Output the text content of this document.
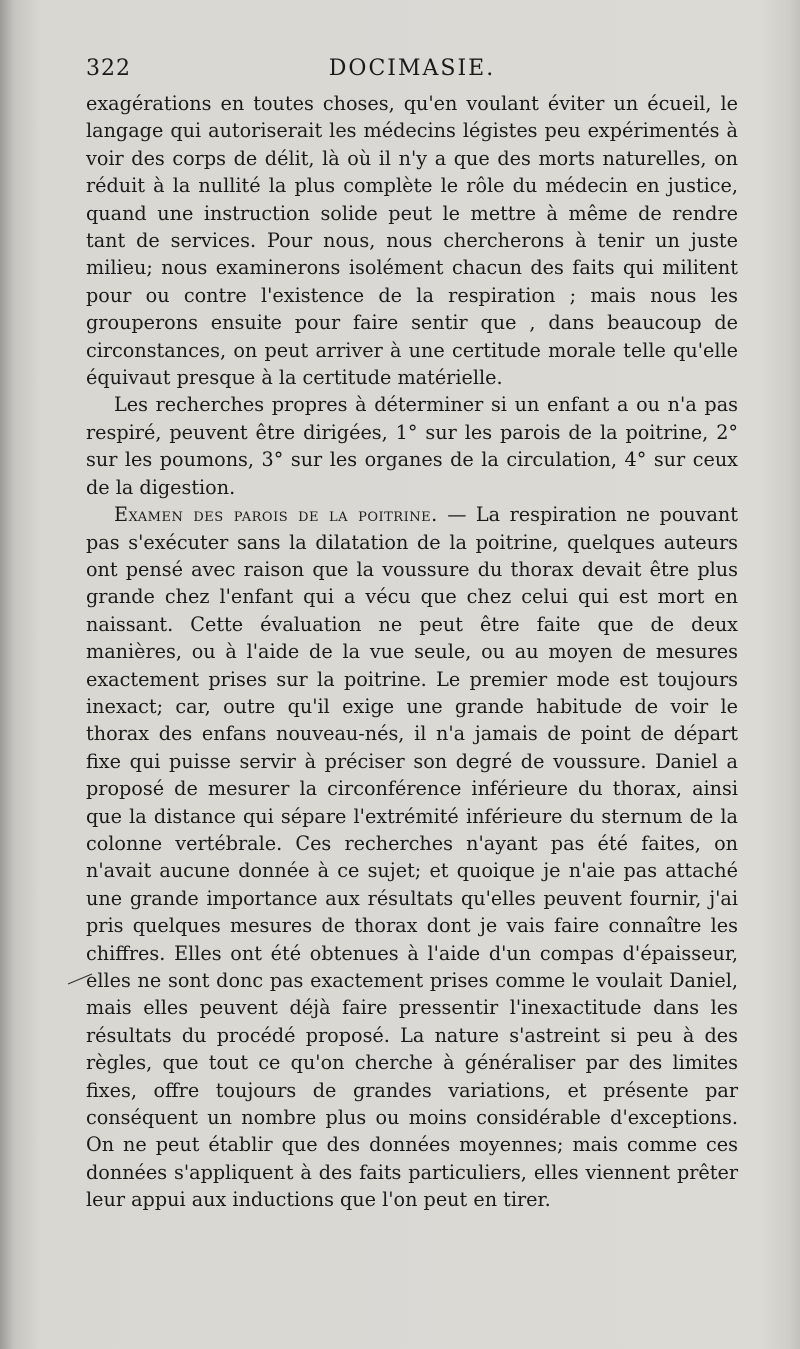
322	DOCIMASIE.

exagérations en toutes choses, qu'en voulant éviter un écueil, le langage qui autoriserait les médecins légistes peu expérimentés à voir des corps de délit, là où il n'y a que des morts naturelles, on réduit à la nullité la plus complète le rôle du médecin en justice, quand une instruction solide peut le mettre à même de rendre tant de services. Pour nous, nous chercherons à tenir un juste milieu; nous examinerons isolément chacun des faits qui militent pour ou contre l'existence de la respiration ; mais nous les grouperons ensuite pour faire sentir que , dans beaucoup de circonstances, on peut arriver à une certitude morale telle qu'elle équivaut presque à la certitude matérielle.

Les recherches propres à déterminer si un enfant a ou n'a pas respiré, peuvent être dirigées, 1° sur les parois de la poitrine, 2° sur les poumons, 3° sur les organes de la circulation, 4° sur ceux de la digestion.

Examen des parois de la poitrine. — La respiration ne pouvant pas s'exécuter sans la dilatation de la poitrine, quelques auteurs ont pensé avec raison que la voussure du thorax devait être plus grande chez l'enfant qui a vécu que chez celui qui est mort en naissant. Cette évaluation ne peut être faite que de deux manières, ou à l'aide de la vue seule, ou au moyen de mesures exactement prises sur la poitrine. Le premier mode est toujours inexact; car, outre qu'il exige une grande habitude de voir le thorax des enfans nouveau-nés, il n'a jamais de point de départ fixe qui puisse servir à préciser son degré de voussure. Daniel a proposé de mesurer la circonférence inférieure du thorax, ainsi que la distance qui sépare l'extrémité inférieure du sternum de la colonne vertébrale. Ces recherches n'ayant pas été faites, on n'avait aucune donnée à ce sujet; et quoique je n'aie pas attaché une grande importance aux résultats qu'elles peuvent fournir, j'ai pris quelques mesures de thorax dont je vais faire connaître les chiffres. Elles ont été obtenues à l'aide d'un compas d'épaisseur, elles ne sont donc pas exactement prises comme le voulait Daniel, mais elles peuvent déjà faire pressentir l'inexactitude dans les résultats du procédé proposé. La nature s'astreint si peu à des règles, que tout ce qu'on cherche à généraliser par des limites fixes, offre toujours de grandes variations, et présente par conséquent un nombre plus ou moins considérable d'exceptions. On ne peut établir que des données moyennes; mais comme ces données s'appliquent à des faits particuliers, elles viennent prêter leur appui aux inductions que l'on peut en tirer.
